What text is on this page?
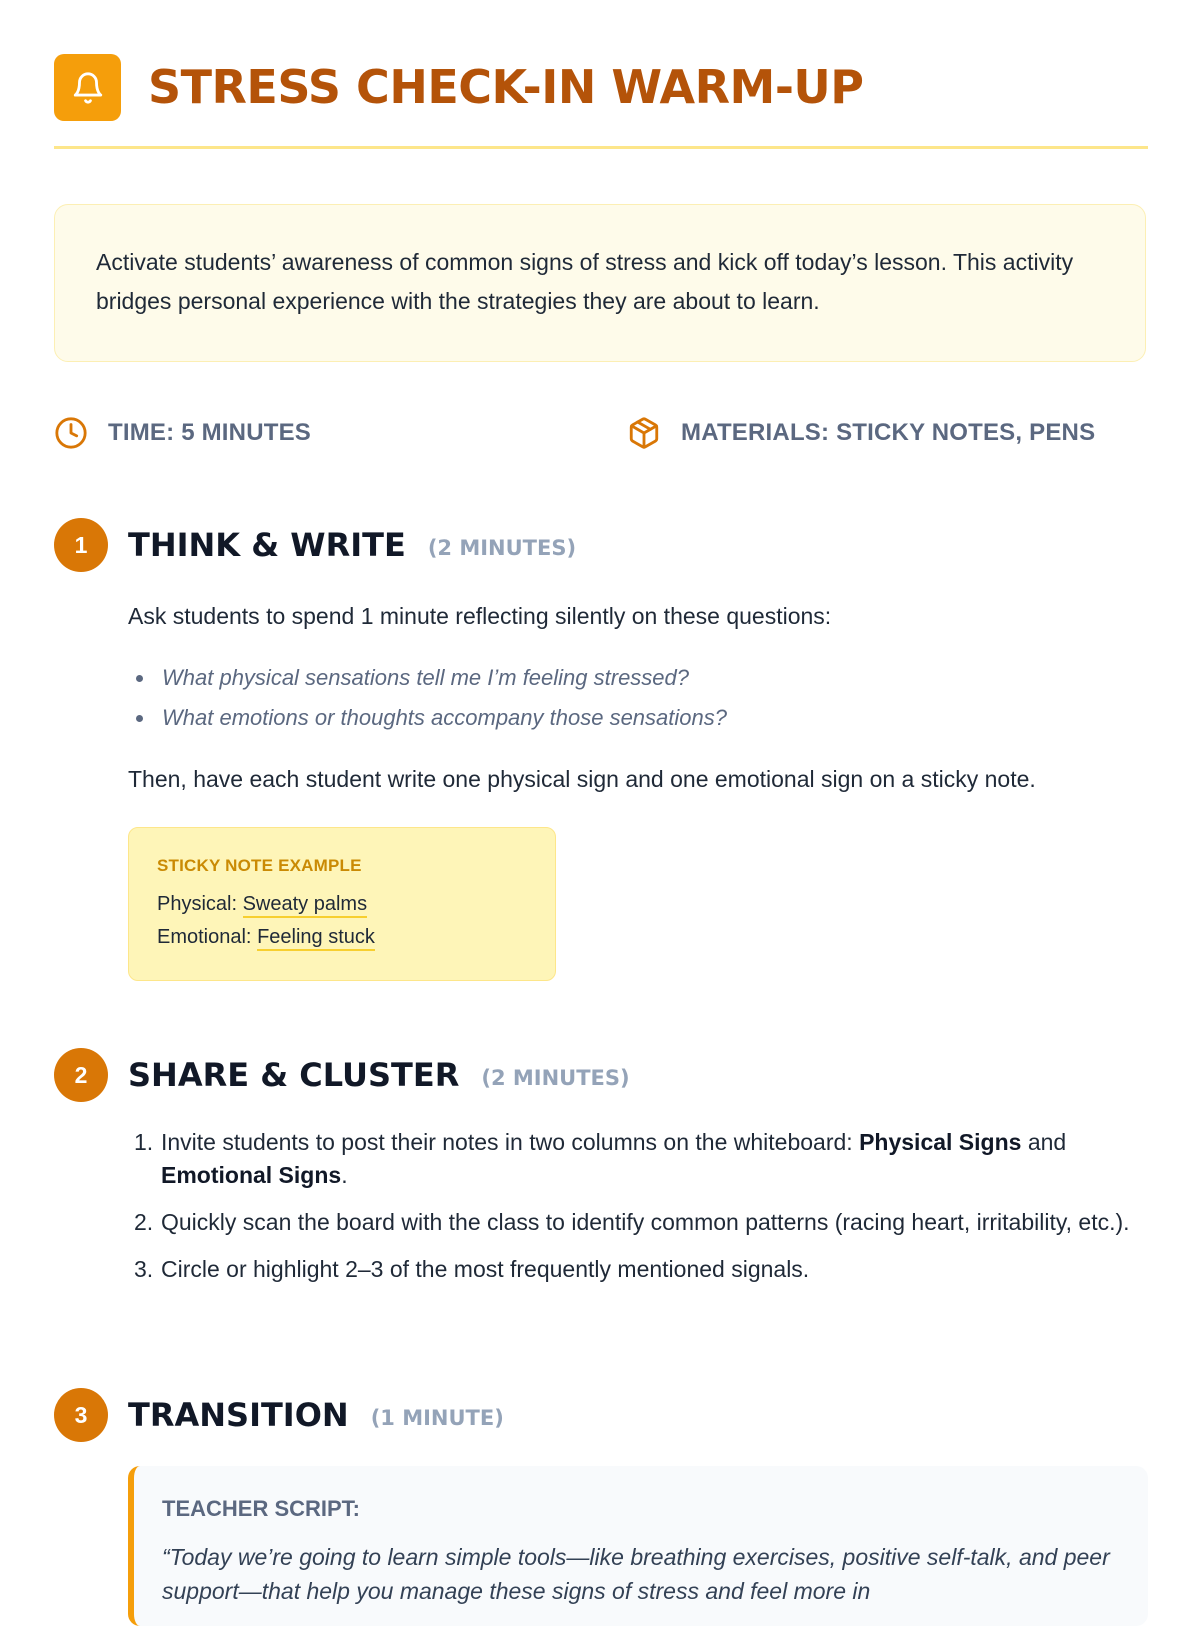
STRESS CHECK-IN WARM-UP

Activate students’ awareness of common signs of stress and kick off today’s lesson. This activity bridges personal experience with the strategies they are about to learn.

TIME: 5 MINUTES	MATERIALS: STICKY NOTES, PENS
1	THINK & WRITE (2 MINUTES)

Ask students to spend 1 minute reflecting silently on these questions:

What physical sensations tell me I’m feeling stressed?
What emotions or thoughts accompany those sensations?

Then, have each student write one physical sign and one emotional sign on a sticky note.

STICKY NOTE EXAMPLE
Physical: Sweaty palms
Emotional: Feeling stuck
2	SHARE & CLUSTER (2 MINUTES)
1. Invite students to post their notes in two columns on the whiteboard: Physical Signs and Emotional Signs.
2. Quickly scan the board with the class to identify common patterns (racing heart, irritability, etc.).
3. Circle or highlight 2–3 of the most frequently mentioned signals.
3	TRANSITION (1 MINUTE)
TEACHER SCRIPT:
“Today we’re going to learn simple tools—like breathing exercises, positive self-talk, and peer support—that help you manage these signs of stress and feel more in
